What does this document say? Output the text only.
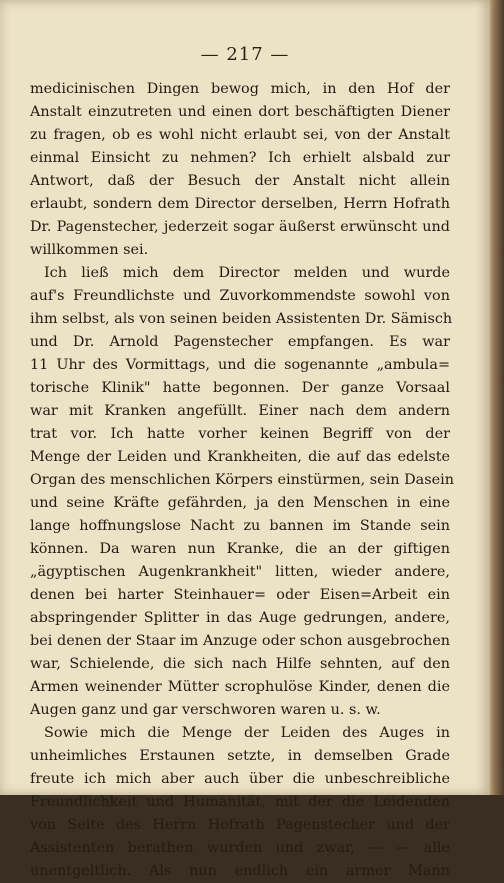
— 217 —
medicinischen Dingen bewog mich, in den Hof der
Anstalt einzutreten und einen dort beschäftigten Diener
zu fragen, ob es wohl nicht erlaubt sei, von der Anstalt
einmal Einsicht zu nehmen? Ich erhielt alsbald zur
Antwort, daß der Besuch der Anstalt nicht allein
erlaubt, sondern dem Director derselben, Herrn Hofrath
Dr. Pagenstecher, jederzeit sogar äußerst erwünscht und
willkommen sei.
Ich ließ mich dem Director melden und wurde
auf's Freundlichste und Zuvorkommendste sowohl von
ihm selbst, als von seinen beiden Assistenten Dr. Sämisch
und Dr. Arnold Pagenstecher empfangen. Es war
11 Uhr des Vormittags, und die sogenannte „ambula=
torische Klinik" hatte begonnen. Der ganze Vorsaal
war mit Kranken angefüllt. Einer nach dem andern
trat vor. Ich hatte vorher keinen Begriff von der
Menge der Leiden und Krankheiten, die auf das edelste
Organ des menschlichen Körpers einstürmen, sein Dasein
und seine Kräfte gefährden, ja den Menschen in eine
lange hoffnungslose Nacht zu bannen im Stande sein
können. Da waren nun Kranke, die an der giftigen
„ägyptischen Augenkrankheit" litten, wieder andere,
denen bei harter Steinhauer= oder Eisen=Arbeit ein
abspringender Splitter in das Auge gedrungen, andere,
bei denen der Staar im Anzuge oder schon ausgebrochen
war, Schielende, die sich nach Hilfe sehnten, auf den
Armen weinender Mütter scrophulöse Kinder, denen die
Augen ganz und gar verschworen waren u. s. w.
Sowie mich die Menge der Leiden des Auges in
unheimliches Erstaunen setzte, in demselben Grade
freute ich mich aber auch über die unbeschreibliche
Freundlichkeit und Humanität, mit der die Leidenden
von Seite des Herrn Hofrath Pagenstecher und der
Assistenten berathen wurden und zwar, — — alle
unentgeltlich. Als nun endlich ein armer Mann
